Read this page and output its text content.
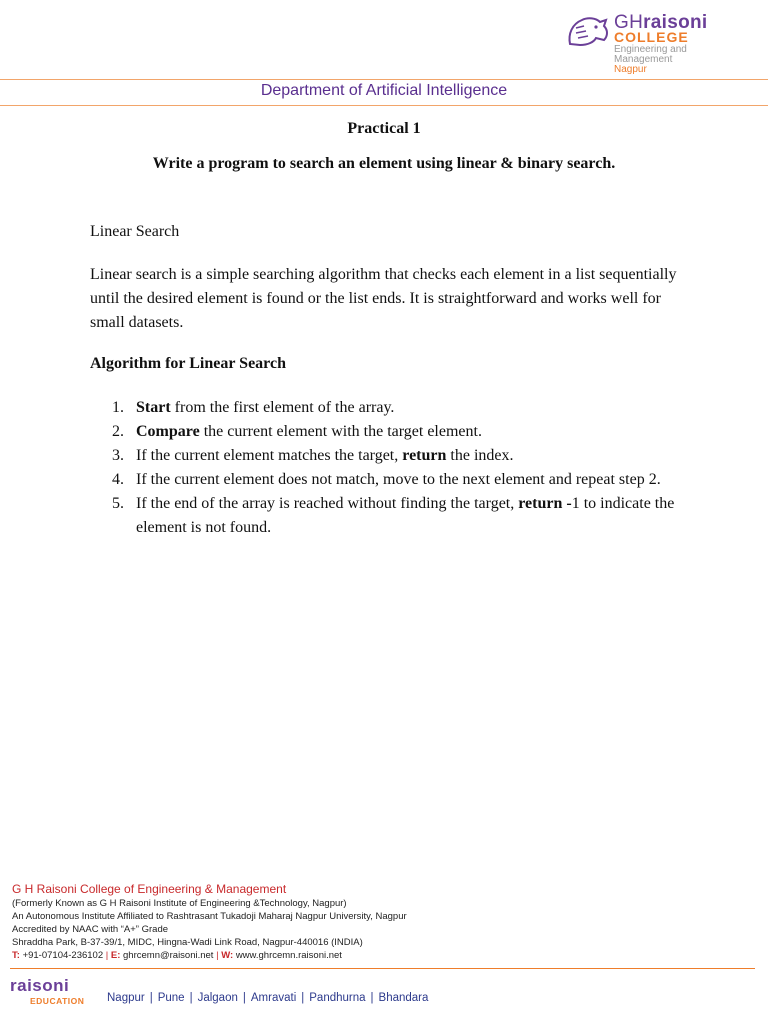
GHraisoni
COLLEGE
Engineering and
Management
Nagpur
Department of Artificial Intelligence
Practical 1
Write a program to search an element using linear & binary search.
Linear Search
Linear search is a simple searching algorithm that checks each element in a list sequentially until the desired element is found or the list ends. It is straightforward and works well for small datasets.
Algorithm for Linear Search
1. Start from the first element of the array.
2. Compare the current element with the target element.
3. If the current element matches the target, return the index.
4. If the current element does not match, move to the next element and repeat step 2.
5. If the end of the array is reached without finding the target, return -1 to indicate the element is not found.
G H Raisoni College of Engineering & Management
(Formerly Known as G H Raisoni Institute of Engineering &Technology, Nagpur)
An Autonomous Institute Affiliated to Rashtrasant Tukadoji Maharaj Nagpur University, Nagpur
Accredited by NAAC with “A+” Grade
Shraddha Park, B-37-39/1, MIDC, Hingna-Wadi Link Road, Nagpur-440016 (INDIA)
T: +91-07104-236102 | E: ghrcemn@raisoni.net | W: www.ghrcemn.raisoni.net
raisoni
EDUCATION Nagpur | Pune | Jalgaon | Amravati | Pandhurna | Bhandara
